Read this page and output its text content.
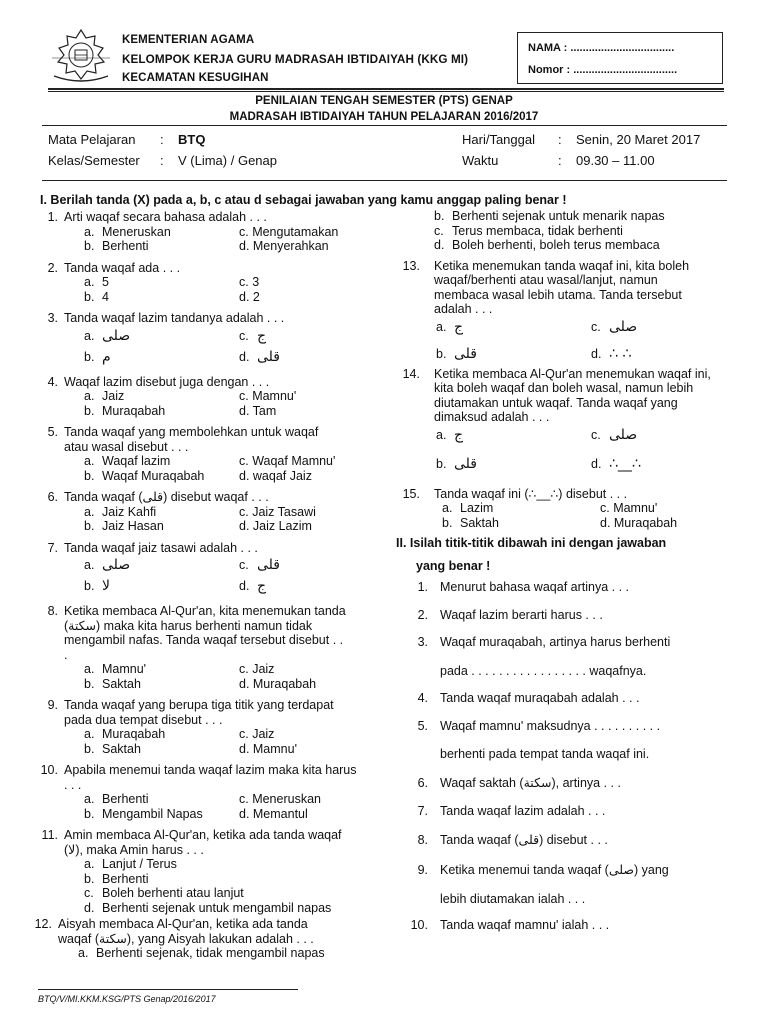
KEMENTERIAN AGAMA
KELOMPOK KERJA GURU MADRASAH IBTIDAIYAH (KKG MI)
KECAMATAN KESUGIHAN
NAMA : ..................................
Nomor : ..................................
PENILAIAN TENGAH SEMESTER (PTS) GENAP
MADRASAH IBTIDAIYAH TAHUN PELAJARAN 2016/2017
Mata Pelajaran : BTQ
Kelas/Semester : V (Lima) / Genap
Hari/Tanggal : Senin, 20 Maret 2017
Waktu	: 09.30 – 11.00
I. Berilah tanda (X) pada a, b, c atau d sebagai jawaban yang kamu anggap paling benar !
1. Arti waqaf secara bahasa adalah . . .
a. Meneruskan	c. Mengutamakan
b. Berhenti	d. Menyerahkan
2. Tanda waqaf ada . . .
a. 5	c. 3
b. 4	d. 2
3. Tanda waqaf lazim tandanya adalah . . .
a. صلى	c. ج
b. م	d. قلى
4. Waqaf lazim disebut juga dengan . . .
a. Jaiz	c. Mamnu'
b. Muraqabah	d. Tam
5. Tanda waqaf yang membolehkan untuk waqaf atau wasal disebut . . .
a. Waqaf lazim	c. Waqaf Mamnu'
b. Waqaf Muraqabah	d. waqaf Jaiz
6. Tanda waqaf (قلى) disebut waqaf . . .
a. Jaiz Kahfi	c. Jaiz Tasawi
b. Jaiz Hasan	d. Jaiz Lazim
7. Tanda waqaf jaiz tasawi adalah . . .
a. صلى	c. قلى
b. لا	d. ج
8. Ketika membaca Al-Qur'an, kita menemukan tanda (سكتة) maka kita harus berhenti namun tidak mengambil nafas. Tanda waqaf tersebut disebut . . .
a. Mamnu'	c. Jaiz
b. Saktah	d. Muraqabah
9. Tanda waqaf yang berupa tiga titik yang terdapat pada dua tempat disebut . . .
a. Muraqabah	c. Jaiz
b. Saktah	d. Mamnu'
10. Apabila menemui tanda waqaf lazim maka kita harus . . .
a. Berhenti	c. Meneruskan
b. Mengambil Napas	d. Memantul
11. Amin membaca Al-Qur'an, ketika ada tanda waqaf (لا), maka Amin harus . . .
a. Lanjut / Terus
b. Berhenti
c. Boleh berhenti atau lanjut
d. Berhenti sejenak untuk mengambil napas
12. Aisyah membaca Al-Qur'an, ketika ada tanda waqaf (سكتة), yang Aisyah lakukan adalah . . .
a. Berhenti sejenak, tidak mengambil napas
b. Berhenti sejenak untuk menarik napas
c. Terus membaca, tidak berhenti
d. Boleh berhenti, boleh terus membaca
13.	Ketika menemukan tanda waqaf ini, kita boleh waqaf/berhenti atau wasal/lanjut, namun membaca wasal lebih utama. Tanda tersebut adalah . . .
a. ج	c. صلى
b. قلى	d. ∴ ∴
14.	Ketika membaca Al-Qur'an menemukan waqaf ini, kita boleh waqaf dan boleh wasal, namun lebih diutamakan untuk waqaf. Tanda waqaf yang dimaksud adalah . . .
a. ج	c. صلى
b. قلى	d. ∴__∴
15.	Tanda waqaf ini (∴__∴) disebut . . .
a. Lazim	c. Mamnu'
b. Saktah	d. Muraqabah
II. Isilah titik-titik dibawah ini dengan jawaban
yang benar !
1. Menurut bahasa waqaf artinya . . .
2. Waqaf lazim berarti harus . . .
3. Waqaf muraqabah, artinya harus berhenti
pada . . . . . . . . . . . . . . . . . waqafnya.
4. Tanda waqaf muraqabah adalah . . .
5. Waqaf mamnu' maksudnya . . . . . . . . . .
berhenti pada tempat tanda waqaf ini.
6. Waqaf saktah (سكتة), artinya . . .
7. Tanda waqaf lazim adalah . . .
8. Tanda waqaf (قلى) disebut . . .
9. Ketika menemui tanda waqaf (صلى) yang
lebih diutamakan ialah . . .
10. Tanda waqaf mamnu' ialah . . .
BTQ/V/MI.KKM.KSG/PTS Genap/2016/2017
